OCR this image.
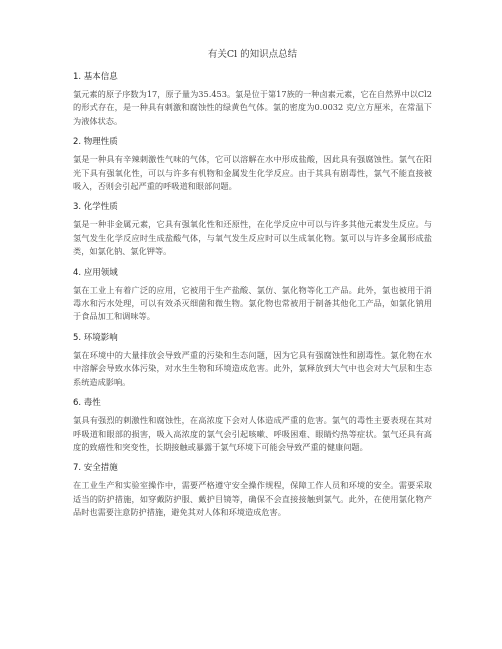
有关Cl 的知识点总结
1. 基本信息

氯元素的原子序数为17，原子量为35.453。氯是位于第17族的一种卤素元素，它在自然界中以Cl2 的形式存在，是一种具有刺激和腐蚀性的绿黄色气体。氯的密度为0.0032 克/立方厘米，在常温下为液体状态。

2. 物理性质

氯是一种具有辛辣刺激性气味的气体，它可以溶解在水中形成盐酸，因此具有强腐蚀性。氯气在阳光下具有强氧化性，可以与许多有机物和金属发生化学反应。由于其具有剧毒性，氯气不能直接被吸入，否则会引起严重的呼吸道和眼部问题。

3. 化学性质

氯是一种非金属元素，它具有强氧化性和还原性，在化学反应中可以与许多其他元素发生反应。与氢气发生化学反应时生成盐酸气体，与氧气发生反应时可以生成氧化物。氯可以与许多金属形成盐类，如氯化钠、氯化钾等。

4. 应用领域

氯在工业上有着广泛的应用，它被用于生产盐酸、氯仿、氯化物等化工产品。此外，氯也被用于消毒水和污水处理，可以有效杀灭细菌和微生物。氯化物也常被用于制备其他化工产品，如氯化钠用于食品加工和调味等。

5. 环境影响

氯在环境中的大量排放会导致严重的污染和生态问题，因为它具有强腐蚀性和剧毒性。氯化物在水中溶解会导致水体污染，对水生生物和环境造成危害。此外，氯释放到大气中也会对大气层和生态系统造成影响。

6. 毒性

氯具有强烈的刺激性和腐蚀性，在高浓度下会对人体造成严重的危害。氯气的毒性主要表现在其对呼吸道和眼部的损害，吸入高浓度的氯气会引起咳嗽、呼吸困难、眼睛灼热等症状。氯气还具有高度的致癌性和突变性，长期接触或暴露于氯气环境下可能会导致严重的健康问题。

7. 安全措施

在工业生产和实验室操作中，需要严格遵守安全操作规程，保障工作人员和环境的安全。需要采取适当的防护措施，如穿戴防护服、戴护目镜等，确保不会直接接触到氯气。此外，在使用氯化物产品时也需要注意防护措施，避免其对人体和环境造成危害。
